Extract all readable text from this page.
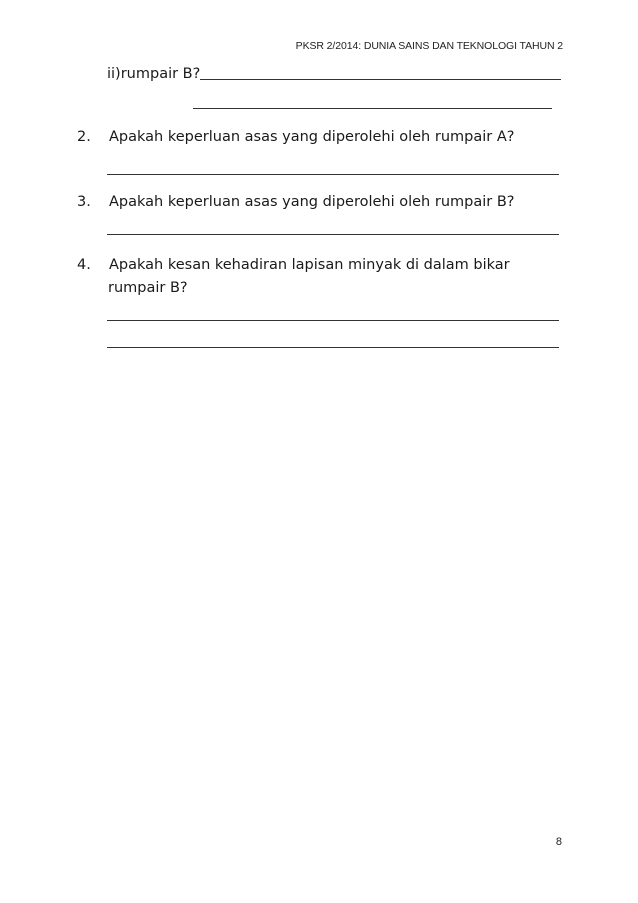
PKSR 2/2014: DUNIA SAINS DAN TEKNOLOGI TAHUN 2
ii)rumpair B?
2. Apakah keperluan asas yang diperolehi oleh rumpair A?
3. Apakah keperluan asas yang diperolehi oleh rumpair B?
4. Apakah kesan kehadiran lapisan minyak di dalam bikar
rumpair B?
8
